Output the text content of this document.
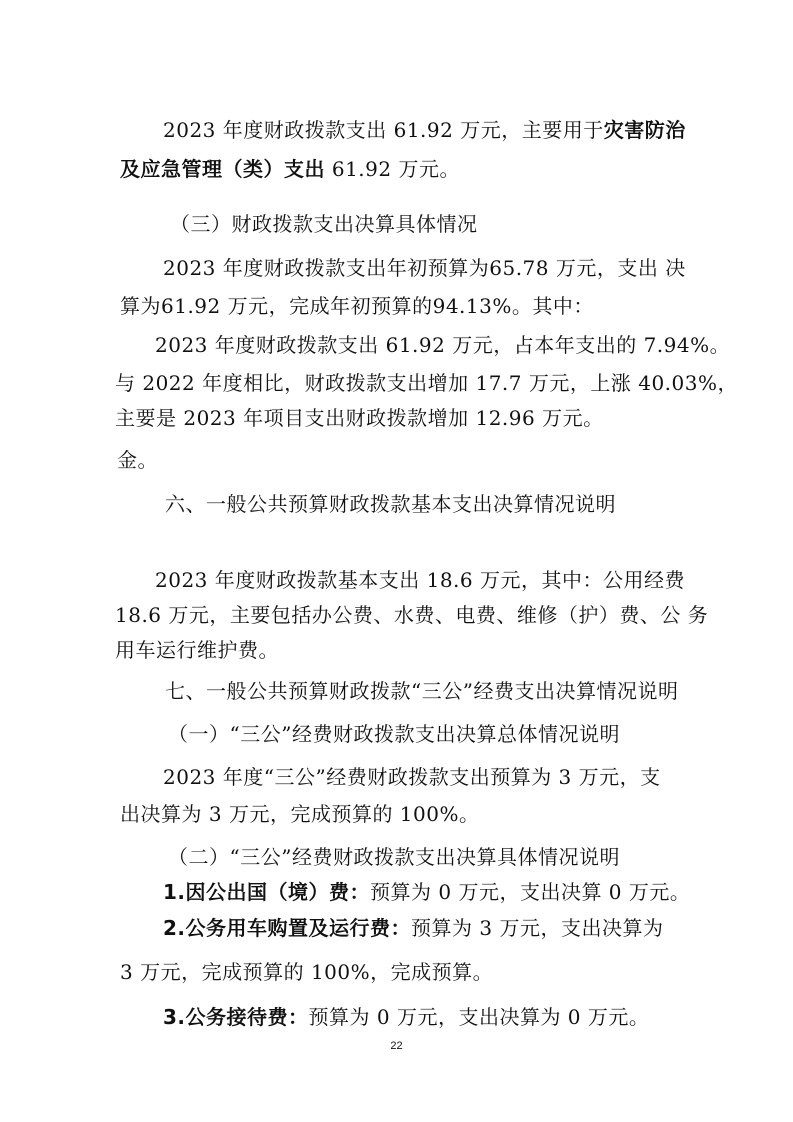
2023 年度财政拨款支出 61.92 万元，主要用于灾害防治
及应急管理（类）支出 61.92 万元。
（三）财政拨款支出决算具体情况
2023 年度财政拨款支出年初预算为65.78 万元，支出 决
算为61.92 万元，完成年初预算的94.13%。其中：
2023 年度财政拨款支出 61.92 万元，占本年支出的 7.94%。
与 2022 年度相比，财政拨款支出增加 17.7 万元，上涨 40.03%，
主要是 2023 年项目支出财政拨款增加 12.96 万元。
金。
六、一般公共预算财政拨款基本支出决算情况说明
2023 年度财政拨款基本支出 18.6 万元，其中：公用经费
18.6 万元，主要包括办公费、水费、电费、维修（护）费、公 务
用车运行维护费。
七、一般公共预算财政拨款“三公”经费支出决算情况说明
（一）“三公”经费财政拨款支出决算总体情况说明
2023 年度“三公”经费财政拨款支出预算为 3 万元，支
出决算为 3 万元，完成预算的 100%。
（二）“三公”经费财政拨款支出决算具体情况说明
1.因公出国（境）费：预算为 0 万元，支出决算 0 万元。
2.公务用车购置及运行费：预算为 3 万元，支出决算为
3 万元，完成预算的 100%，完成预算。
3.公务接待费：预算为 0 万元，支出决算为 0 万元。
22
